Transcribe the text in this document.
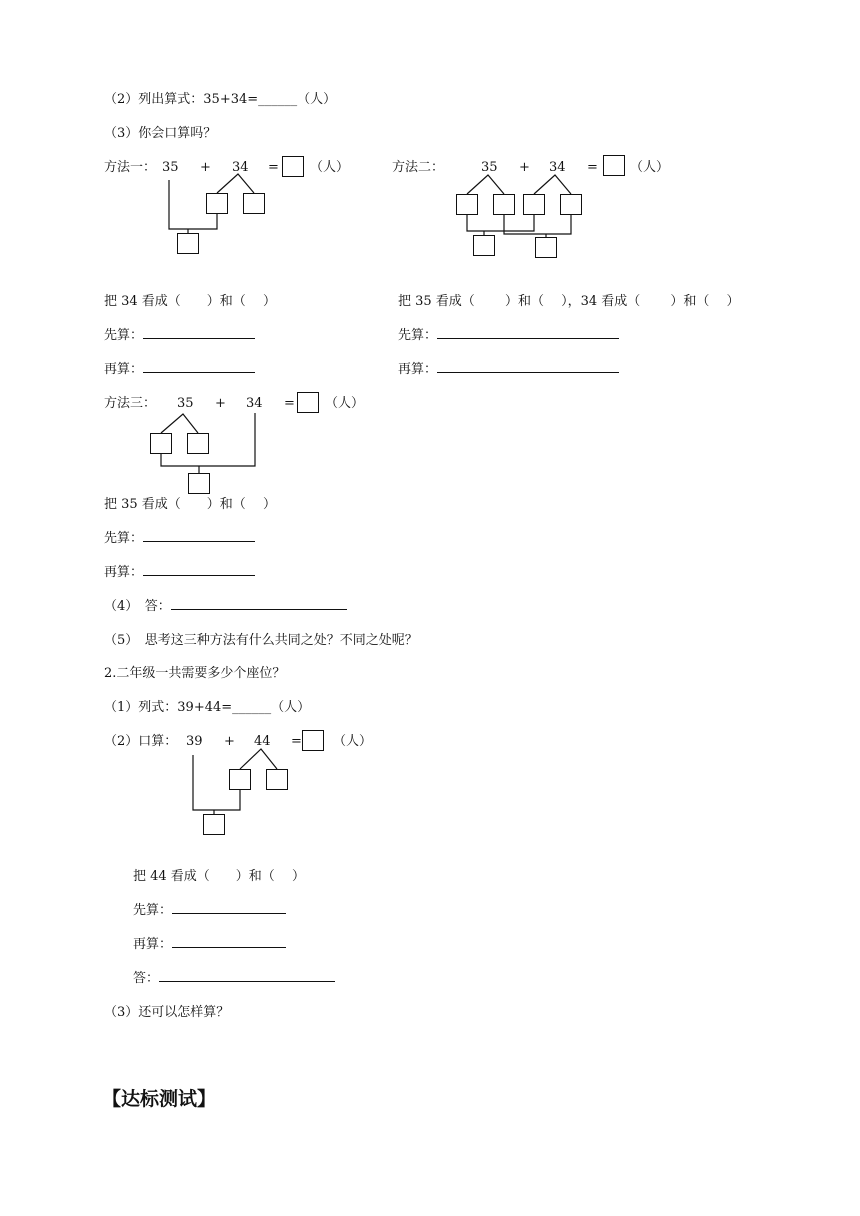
（2）列出算式：35+34=______（人）
（3）你会口算吗？
方法一： 35 + 34 = （人）	方法二：	35 + 34 = （人）
把 34 看成（　　）和（　 ）	把 35 看成（　　 ）和（　 ），34 看成（　　 ）和（　 ）
先算：	先算：
再算：	再算：
方法三： 35 + 34 = （人）
把 35 看成（　　）和（　 ）
先算：
再算：
（4）　答：
（5）　思考这三种方法有什么共同之处？不同之处呢？
2.二年级一共需要多少个座位？
（1）列式：39+44=______（人）
（2）口算： 39 + 44 = （人）
把 44 看成（　　）和（　 ）
先算：
再算：
答：
（3）还可以怎样算？
【达标测试】
